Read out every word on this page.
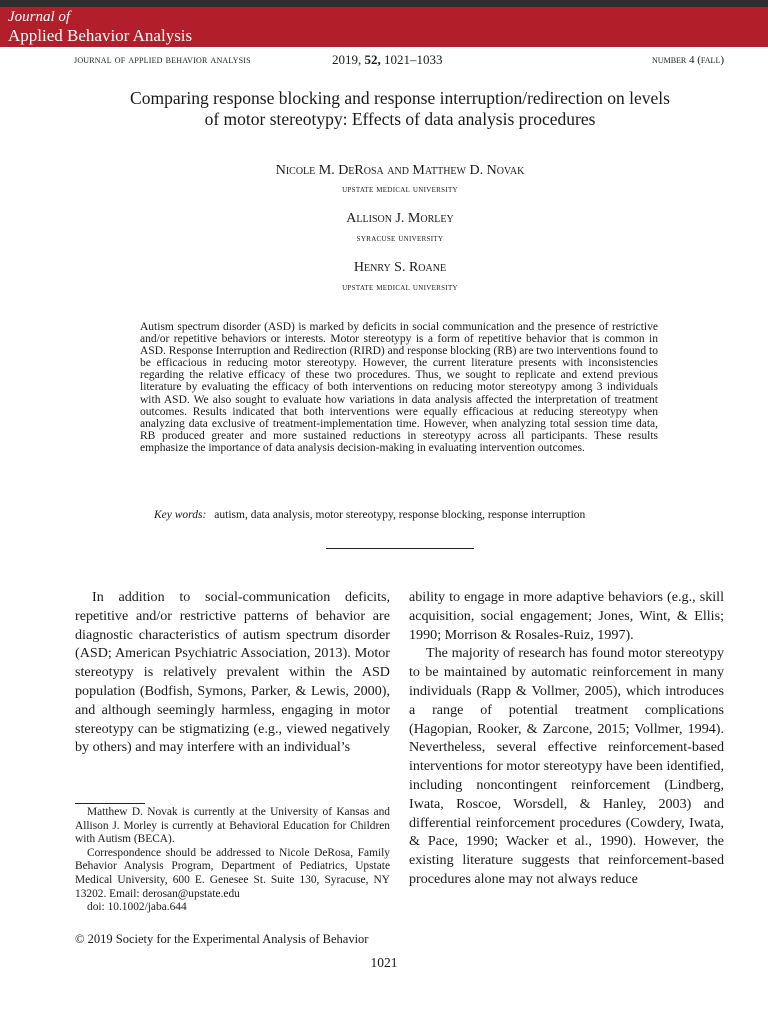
Journal of
Applied Behavior Analysis
journal of applied behavior analysis	2019, 52, 1021–1033	number 4 (fall)
Comparing response blocking and response interruption/redirection on levels of motor stereotypy: Effects of data analysis procedures
Nicole M. DeRosa and Matthew D. Novak
upstate medical university
Allison J. Morley
syracuse university
Henry S. Roane
upstate medical university

Autism spectrum disorder (ASD) is marked by deficits in social communication and the presence of restrictive and/or repetitive behaviors or interests. Motor stereotypy is a form of repetitive behavior that is common in ASD. Response Interruption and Redirection (RIRD) and response blocking (RB) are two interventions found to be efficacious in reducing motor stereotypy. However, the current literature presents with inconsistencies regarding the relative efficacy of these two procedures. Thus, we sought to replicate and extend previous literature by evaluating the efficacy of both interventions on reducing motor stereotypy among 3 individuals with ASD. We also sought to evaluate how variations in data analysis affected the interpretation of treatment outcomes. Results indicated that both interventions were equally efficacious at reducing stereotypy when analyzing data exclusive of treatment-implementation time. However, when analyzing total session time data, RB produced greater and more sustained reductions in stereotypy across all participants. These results emphasize the importance of data analysis decision-making in evaluating intervention outcomes.

Key words: autism, data analysis, motor stereotypy, response blocking, response interruption

In addition to social-communication deficits, repetitive and/or restrictive patterns of behavior are diagnostic characteristics of autism spectrum disorder (ASD; American Psychiatric Association, 2013). Motor stereotypy is relatively prevalent within the ASD population (Bodfish, Symons, Parker, & Lewis, 2000), and although seemingly harmless, engaging in motor stereotypy can be stigmatizing (e.g., viewed negatively by others) and may interfere with an individual’s

ability to engage in more adaptive behaviors (e.g., skill acquisition, social engagement; Jones, Wint, & Ellis; 1990; Morrison & Rosales-Ruiz, 1997).

The majority of research has found motor stereotypy to be maintained by automatic reinforcement in many individuals (Rapp & Vollmer, 2005), which introduces a range of potential treatment complications (Hagopian, Rooker, & Zarcone, 2015; Vollmer, 1994). Nevertheless, several effective reinforcement-based interventions for motor stereotypy have been identified, including noncontingent reinforcement (Lindberg, Iwata, Roscoe, Worsdell, & Hanley, 2003) and differential reinforcement procedures (Cowdery, Iwata, & Pace, 1990; Wacker et al., 1990). However, the existing literature suggests that reinforcement-based procedures alone may not always reduce

Matthew D. Novak is currently at the University of Kansas and Allison J. Morley is currently at Behavioral Education for Children with Autism (BECA).

Correspondence should be addressed to Nicole DeRosa, Family Behavior Analysis Program, Department of Pediatrics, Upstate Medical University, 600 E. Genesee St. Suite 130, Syracuse, NY 13202. Email: derosan@upstate.edu

doi: 10.1002/jaba.644

© 2019 Society for the Experimental Analysis of Behavior
1021
